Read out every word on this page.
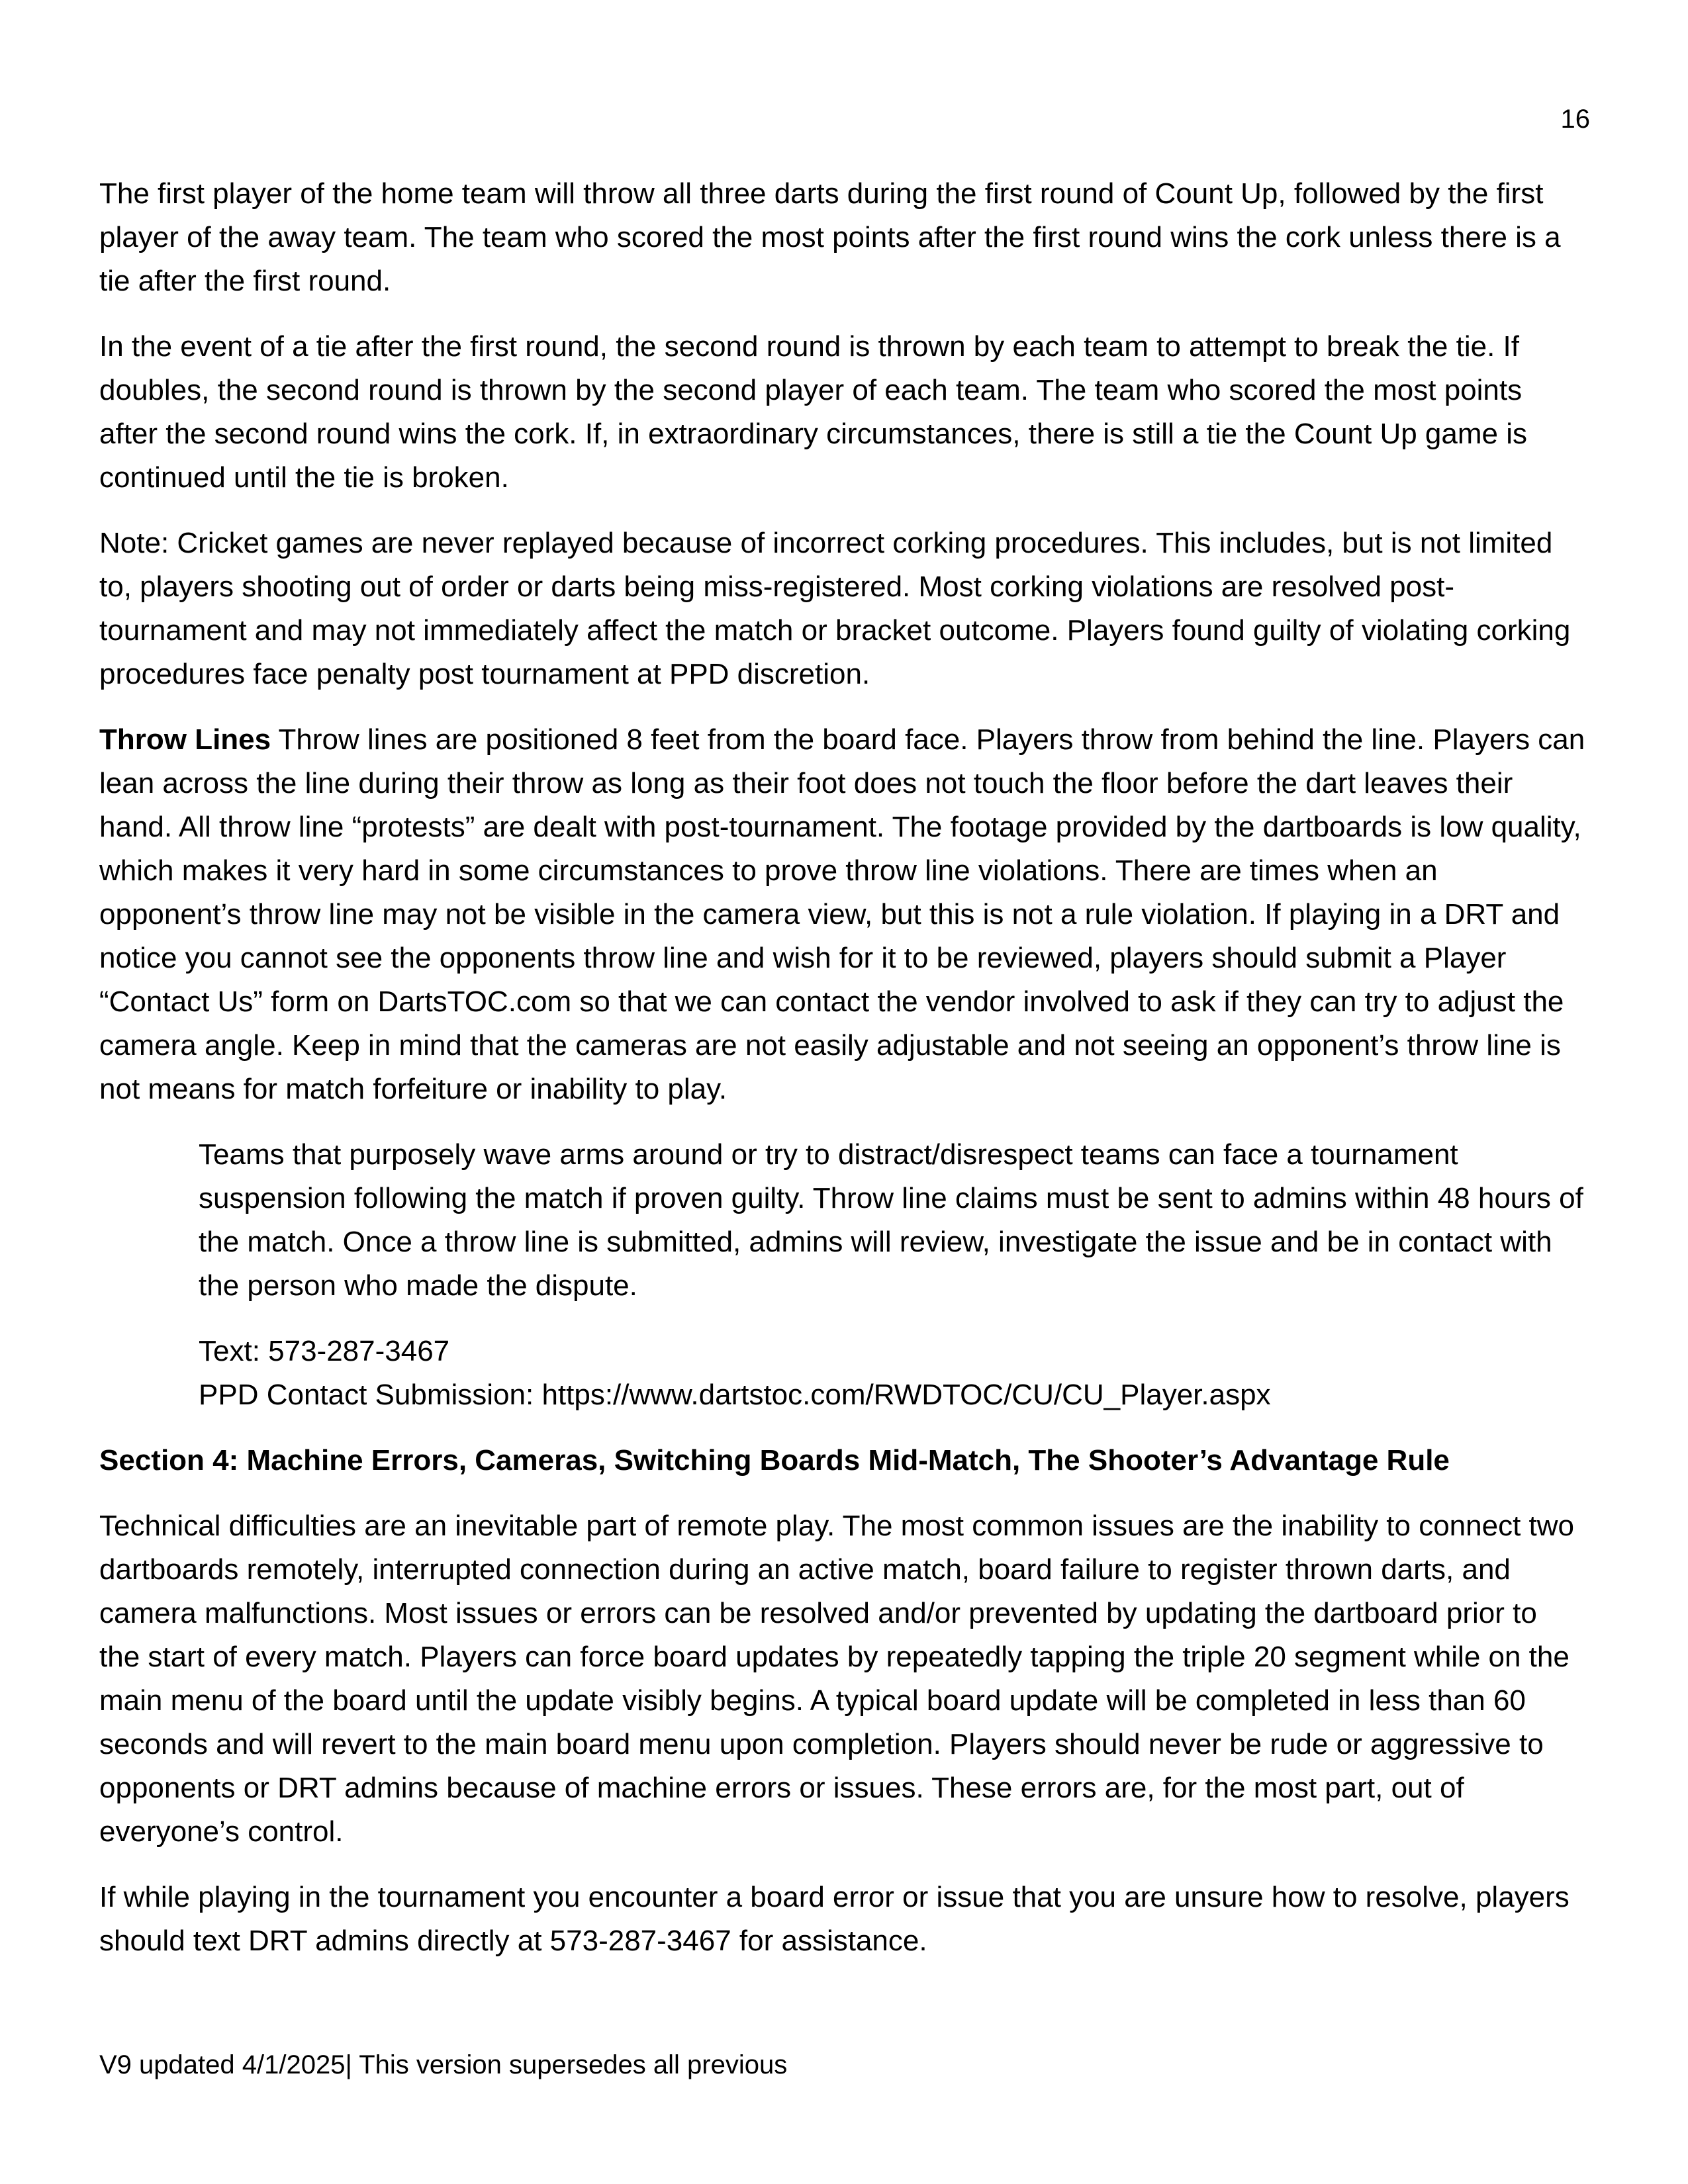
16

The first player of the home team will throw all three darts during the first round of Count Up, followed by the first player of the away team. The team who scored the most points after the first round wins the cork unless there is a tie after the first round.

In the event of a tie after the first round, the second round is thrown by each team to attempt to break the tie. If doubles, the second round is thrown by the second player of each team. The team who scored the most points after the second round wins the cork. If, in extraordinary circumstances, there is still a tie the Count Up game is continued until the tie is broken.

Note: Cricket games are never replayed because of incorrect corking procedures. This includes, but is not limited to, players shooting out of order or darts being miss-registered. Most corking violations are resolved post-tournament and may not immediately affect the match or bracket outcome. Players found guilty of violating corking procedures face penalty post tournament at PPD discretion.

Throw Lines Throw lines are positioned 8 feet from the board face. Players throw from behind the line. Players can lean across the line during their throw as long as their foot does not touch the floor before the dart leaves their hand. All throw line “protests” are dealt with post-tournament. The footage provided by the dartboards is low quality, which makes it very hard in some circumstances to prove throw line violations. There are times when an opponent’s throw line may not be visible in the camera view, but this is not a rule violation. If playing in a DRT and notice you cannot see the opponents throw line and wish for it to be reviewed, players should submit a Player “Contact Us” form on DartsTOC.com so that we can contact the vendor involved to ask if they can try to adjust the camera angle. Keep in mind that the cameras are not easily adjustable and not seeing an opponent’s throw line is not means for match forfeiture or inability to play.

Teams that purposely wave arms around or try to distract/disrespect teams can face a tournament suspension following the match if proven guilty. Throw line claims must be sent to admins within 48 hours of the match. Once a throw line is submitted, admins will review, investigate the issue and be in contact with the person who made the dispute.

Text: 573-287-3467

PPD Contact Submission: https://www.dartstoc.com/RWDTOC/CU/CU_Player.aspx

Section 4: Machine Errors, Cameras, Switching Boards Mid-Match, The Shooter’s Advantage Rule

Technical difficulties are an inevitable part of remote play. The most common issues are the inability to connect two dartboards remotely, interrupted connection during an active match, board failure to register thrown darts, and camera malfunctions. Most issues or errors can be resolved and/or prevented by updating the dartboard prior to the start of every match. Players can force board updates by repeatedly tapping the triple 20 segment while on the main menu of the board until the update visibly begins. A typical board update will be completed in less than 60 seconds and will revert to the main board menu upon completion. Players should never be rude or aggressive to opponents or DRT admins because of machine errors or issues. These errors are, for the most part, out of everyone’s control.

If while playing in the tournament you encounter a board error or issue that you are unsure how to resolve, players should text DRT admins directly at 573-287-3467 for assistance.

V9 updated 4/1/2025| This version supersedes all previous
